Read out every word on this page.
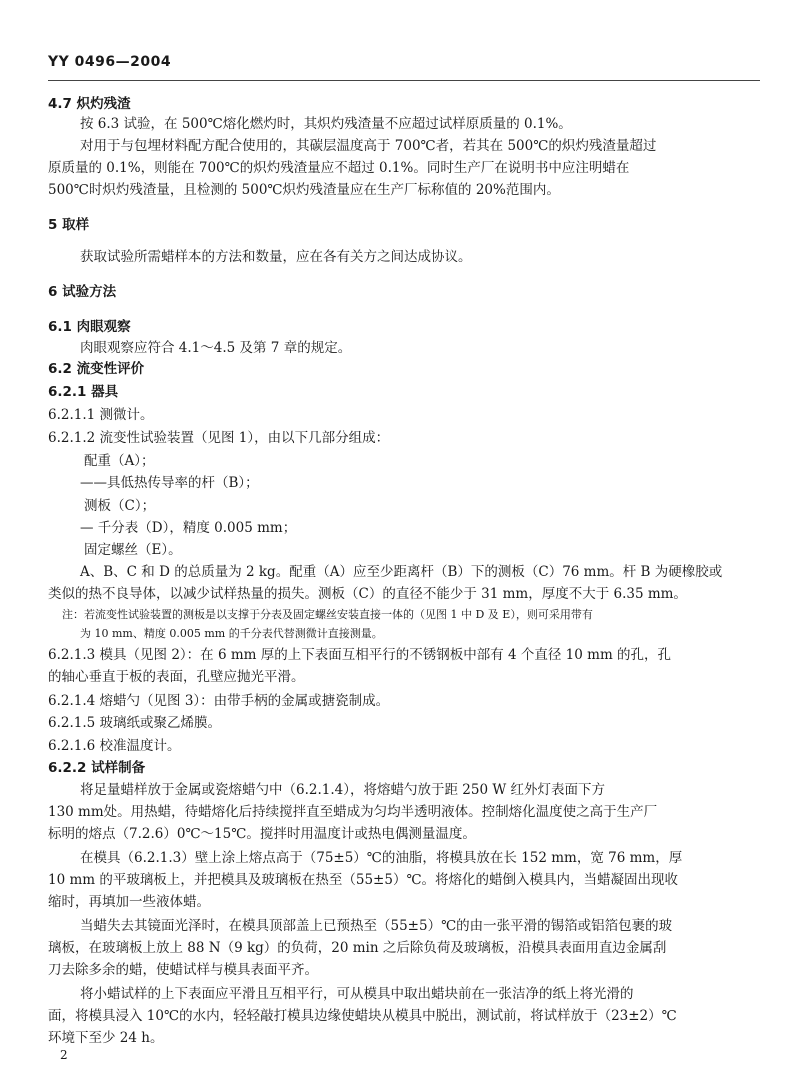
YY 0496—2004
4.7 炽灼残渣
按 6.3 试验，在 500℃熔化燃灼时，其炽灼残渣量不应超过试样原质量的 0.1%。
对用于与包埋材料配方配合使用的，其碳层温度高于 700℃者，若其在 500℃的炽灼残渣量超过
原质量的 0.1%，则能在 700℃的炽灼残渣量应不超过 0.1%。同时生产厂在说明书中应注明蜡在
500℃时炽灼残渣量，且检测的 500℃炽灼残渣量应在生产厂标称值的 20%范围内。
5 取样
获取试验所需蜡样本的方法和数量，应在各有关方之间达成协议。
6 试验方法
6.1 肉眼观察
肉眼观察应符合 4.1～4.5 及第 7 章的规定。
6.2 流变性评价
6.2.1 器具
6.2.1.1 测微计。
6.2.1.2 流变性试验装置（见图 1），由以下几部分组成：
配重（A）；
——具低热传导率的杆（B）；
测板（C）；
— 千分表（D），精度 0.005 mm；
固定螺丝（E）。
A、B、C 和 D 的总质量为 2 kg。配重（A）应至少距离杆（B）下的测板（C）76 mm。杆 B 为硬橡胶或
类似的热不良导体，以减少试样热量的损失。测板（C）的直径不能少于 31 mm，厚度不大于 6.35 mm。
注：若流变性试验装置的测板是以支撑于分表及固定螺丝安装直接一体的（见图 1 中 D 及 E），则可采用带有
为 10 mm、精度 0.005 mm 的千分表代替测微计直接测量。
6.2.1.3 模具（见图 2）：在 6 mm 厚的上下表面互相平行的不锈钢板中部有 4 个直径 10 mm 的孔，孔
的轴心垂直于板的表面，孔壁应抛光平滑。
6.2.1.4 熔蜡勺（见图 3）：由带手柄的金属或搪瓷制成。
6.2.1.5 玻璃纸或聚乙烯膜。
6.2.1.6 校准温度计。
6.2.2 试样制备
将足量蜡样放于金属或瓷熔蜡勺中（6.2.1.4），将熔蜡勺放于距 250 W 红外灯表面下方
130 mm处。用热蜡，待蜡熔化后持续搅拌直至蜡成为匀均半透明液体。控制熔化温度使之高于生产厂
标明的熔点（7.2.6）0℃～15℃。搅拌时用温度计或热电偶测量温度。
在模具（6.2.1.3）壁上涂上熔点高于（75±5）℃的油脂，将模具放在长 152 mm，宽 76 mm，厚
10 mm 的平玻璃板上，并把模具及玻璃板在热至（55±5）℃。将熔化的蜡倒入模具内，当蜡凝固出现收
缩时，再填加一些液体蜡。
当蜡失去其镜面光泽时，在模具顶部盖上已预热至（55±5）℃的由一张平滑的锡箔或铝箔包裹的玻
璃板，在玻璃板上放上 88 N（9 kg）的负荷，20 min 之后除负荷及玻璃板，沿模具表面用直边金属刮
刀去除多余的蜡，使蜡试样与模具表面平齐。
将小蜡试样的上下表面应平滑且互相平行，可从模具中取出蜡块前在一张洁净的纸上将光滑的
面，将模具浸入 10℃的水内，轻轻敲打模具边缘使蜡块从模具中脱出，测试前，将试样放于（23±2）℃
环境下至少 24 h。
2
